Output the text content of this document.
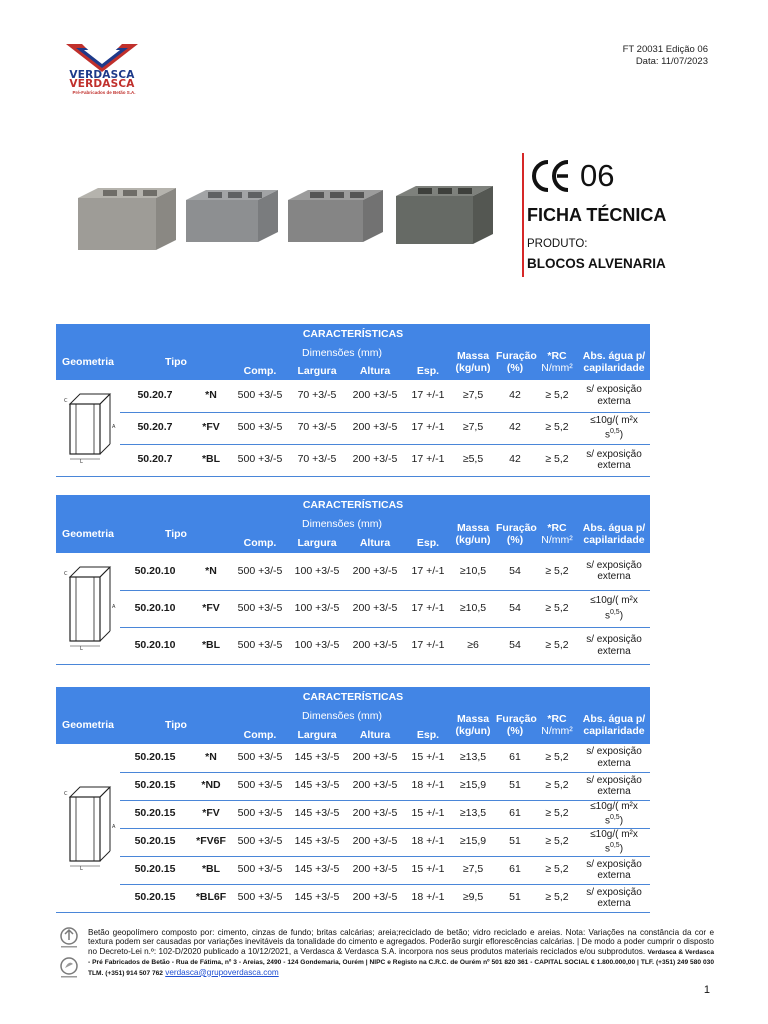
VERDASCA
VERDASCA
Pré-Fabricados de Betão S.A.
FT 20031 Edição 06
Data: 11/07/2023
06
FICHA TÉCNICA
PRODUTO:
BLOCOS ALVENARIA
CARACTERÍSTICAS										
Geometria	Tipo		Dimensões (mm)				Massa (kg/un)	Furação (%)	*RC
N/mm²	Abs. água p/ capilaridade
			Comp.	Largura	Altura	Esp.				

C
A
L	50.20.7	*N	500 +3/-5	70 +3/-5	200 +3/-5	17 +/-1	≥7,5	42	≥ 5,2	s/ exposição externa
	50.20.7	*FV	500 +3/-5	70 +3/-5	200 +3/-5	17 +/-1	≥7,5	42	≥ 5,2	≤10g/( m²x $s^{0,5}$)
	50.20.7	*BL	500 +3/-5	70 +3/-5	200 +3/-5	17 +/-1	≥5,5	42	≥ 5,2	s/ exposição externa
CARACTERÍSTICAS										
Geometria	Tipo		Dimensões (mm)				Massa (kg/un)	Furação (%)	*RC
N/mm²	Abs. água p/ capilaridade
			Comp.	Largura	Altura	Esp.				

C
A
L	50.20.10	*N	500 +3/-5	100 +3/-5	200 +3/-5	17 +/-1	≥10,5	54	≥ 5,2	s/ exposição externa
	50.20.10	*FV	500 +3/-5	100 +3/-5	200 +3/-5	17 +/-1	≥10,5	54	≥ 5,2	≤10g/( m²x $s^{0,5}$)
	50.20.10	*BL	500 +3/-5	100 +3/-5	200 +3/-5	17 +/-1	≥6	54	≥ 5,2	s/ exposição externa
CARACTERÍSTICAS										
Geometria	Tipo		Dimensões (mm)				Massa (kg/un)	Furação (%)	*RC
N/mm²	Abs. água p/ capilaridade
			Comp.	Largura	Altura	Esp.				

C
A
L	50.20.15	*N	500 +3/-5	145 +3/-5	200 +3/-5	15 +/-1	≥13,5	61	≥ 5,2	s/ exposição externa
	50.20.15	*ND	500 +3/-5	145 +3/-5	200 +3/-5	18 +/-1	≥15,9	51	≥ 5,2	s/ exposição externa
	50.20.15	*FV	500 +3/-5	145 +3/-5	200 +3/-5	15 +/-1	≥13,5	61	≥ 5,2	≤10g/( m²x $s^{0,5}$)
	50.20.15	*FV6F	500 +3/-5	145 +3/-5	200 +3/-5	18 +/-1	≥15,9	51	≥ 5,2	≤10g/( m²x $s^{0,5}$)
	50.20.15	*BL	500 +3/-5	145 +3/-5	200 +3/-5	15 +/-1	≥7,5	61	≥ 5,2	s/ exposição externa
	50.20.15	*BL6F	500 +3/-5	145 +3/-5	200 +3/-5	18 +/-1	≥9,5	51	≥ 5,2	s/ exposição externa
Betão geopolímero composto por: cimento, cinzas de fundo; britas calcárias; areia;reciclado de betão; vidro reciclado e areias. Nota: Variações na constância da cor e textura podem ser causadas por variações inevitáveis da tonalidade do cimento e agregados. Poderão surgir eflorescências calcárias. | De modo a poder cumprir o disposto no Decreto-Lei n.º: 102-D/2020 publicado a 10/12/2021, a Verdasca & Verdasca S.A. incorpora nos seus produtos materiais reciclados e/ou subprodutos. Verdasca & Verdasca - Pré Fabricados de Betão - Rua de Fátima, nº 3 - Areias, 2490 - 124 Gondemaria, Ourém | NIPC e Registo na C.R.C. de Ourém nº 501 820 361 - CAPITAL SOCIAL € 1.800.000,00 | TLF. (+351) 249 580 030 TLM. (+351) 914 507 762 verdasca@grupoverdasca.com
1
